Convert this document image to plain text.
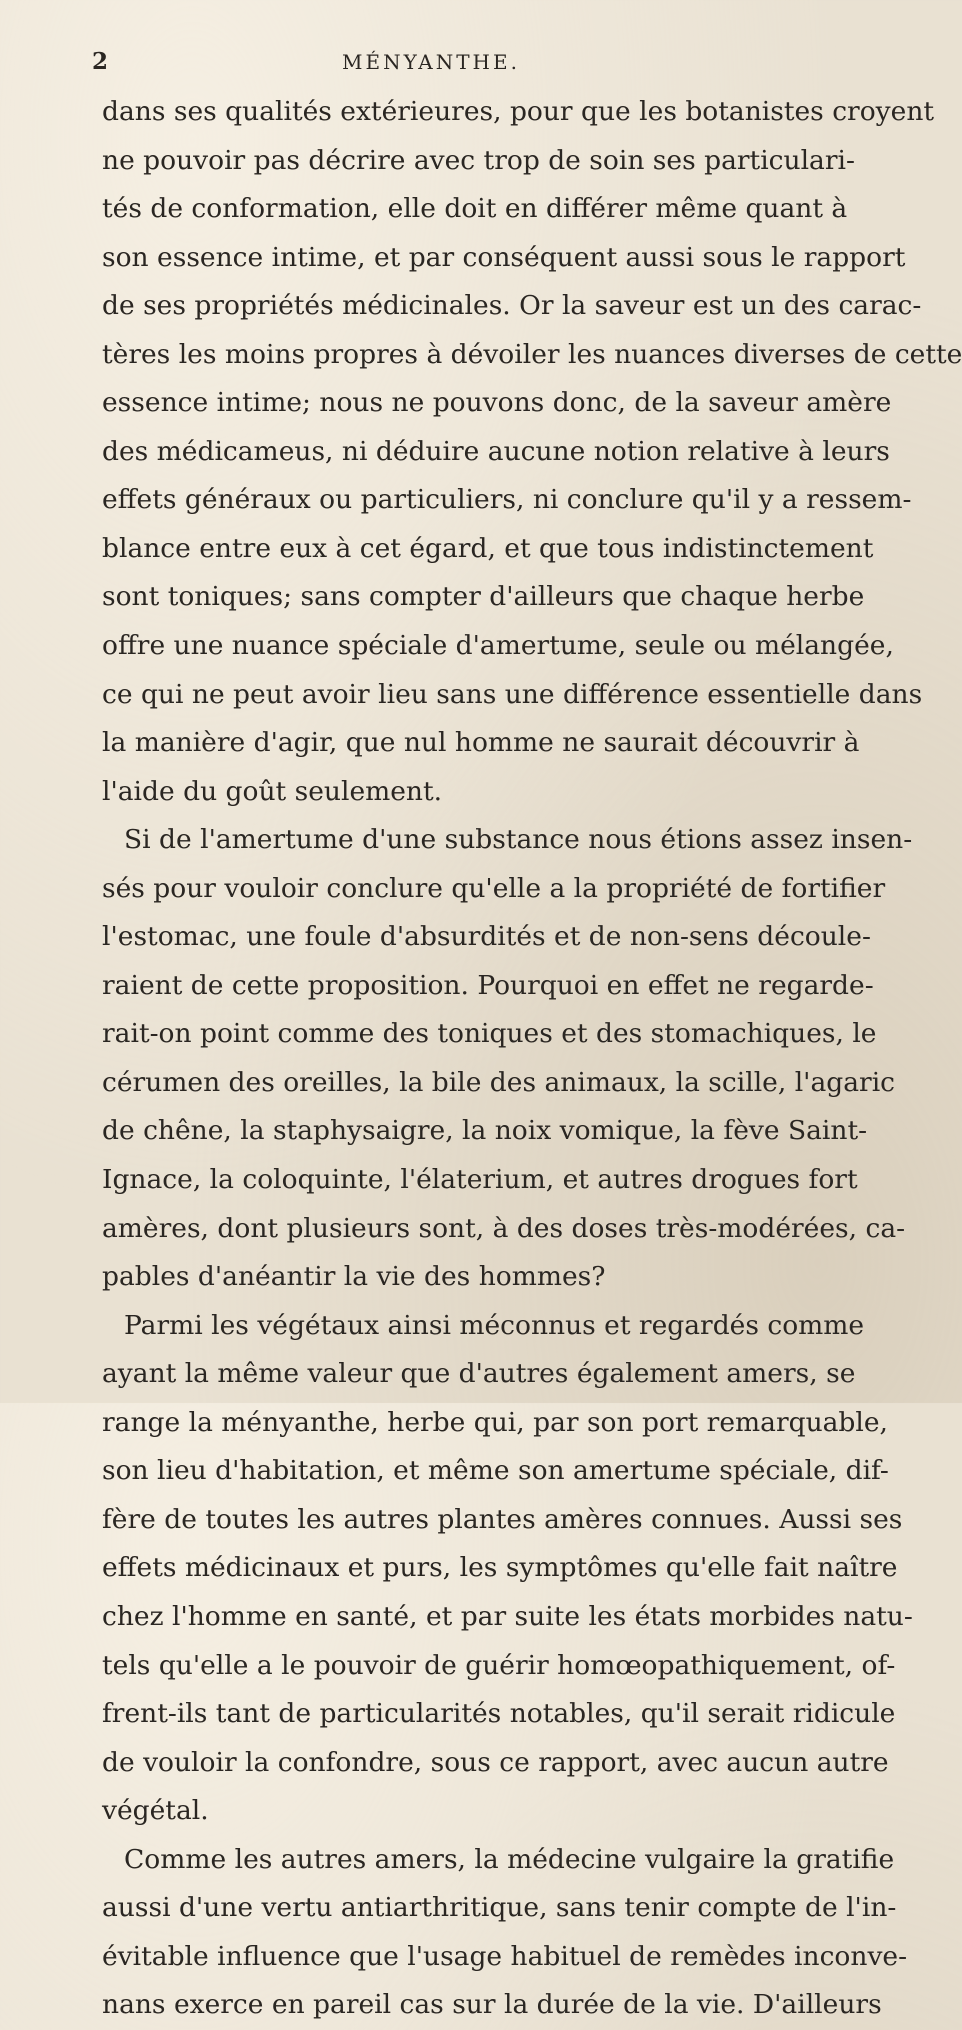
2	MÉNYANTHE.
dans ses qualités extérieures, pour que les botanistes croyent
ne pouvoir pas décrire avec trop de soin ses particulari-
tés de conformation, elle doit en différer même quant à
son essence intime, et par conséquent aussi sous le rapport
de ses propriétés médicinales. Or la saveur est un des carac-
tères les moins propres à dévoiler les nuances diverses de cette
essence intime; nous ne pouvons donc, de la saveur amère
des médicameus, ni déduire aucune notion relative à leurs
effets généraux ou particuliers, ni conclure qu'il y a ressem-
blance entre eux à cet égard, et que tous indistinctement
sont toniques; sans compter d'ailleurs que chaque herbe
offre une nuance spéciale d'amertume, seule ou mélangée,
ce qui ne peut avoir lieu sans une différence essentielle dans
la manière d'agir, que nul homme ne saurait découvrir à
l'aide du goût seulement.
Si de l'amertume d'une substance nous étions assez insen-
sés pour vouloir conclure qu'elle a la propriété de fortifier
l'estomac, une foule d'absurdités et de non-sens découle-
raient de cette proposition. Pourquoi en effet ne regarde-
rait-on point comme des toniques et des stomachiques, le
cérumen des oreilles, la bile des animaux, la scille, l'agaric
de chêne, la staphysaigre, la noix vomique, la fève Saint-
Ignace, la coloquinte, l'élaterium, et autres drogues fort
amères, dont plusieurs sont, à des doses très-modérées, ca-
pables d'anéantir la vie des hommes?
Parmi les végétaux ainsi méconnus et regardés comme
ayant la même valeur que d'autres également amers, se
range la ményanthe, herbe qui, par son port remarquable,
son lieu d'habitation, et même son amertume spéciale, dif-
fère de toutes les autres plantes amères connues. Aussi ses
effets médicinaux et purs, les symptômes qu'elle fait naître
chez l'homme en santé, et par suite les états morbides natu-
tels qu'elle a le pouvoir de guérir homœopathiquement, of-
frent-ils tant de particularités notables, qu'il serait ridicule
de vouloir la confondre, sous ce rapport, avec aucun autre
végétal.
Comme les autres amers, la médecine vulgaire la gratifie
aussi d'une vertu antiarthritique, sans tenir compte de l'in-
évitable influence que l'usage habituel de remèdes inconve-
nans exerce en pareil cas sur la durée de la vie. D'ailleurs
